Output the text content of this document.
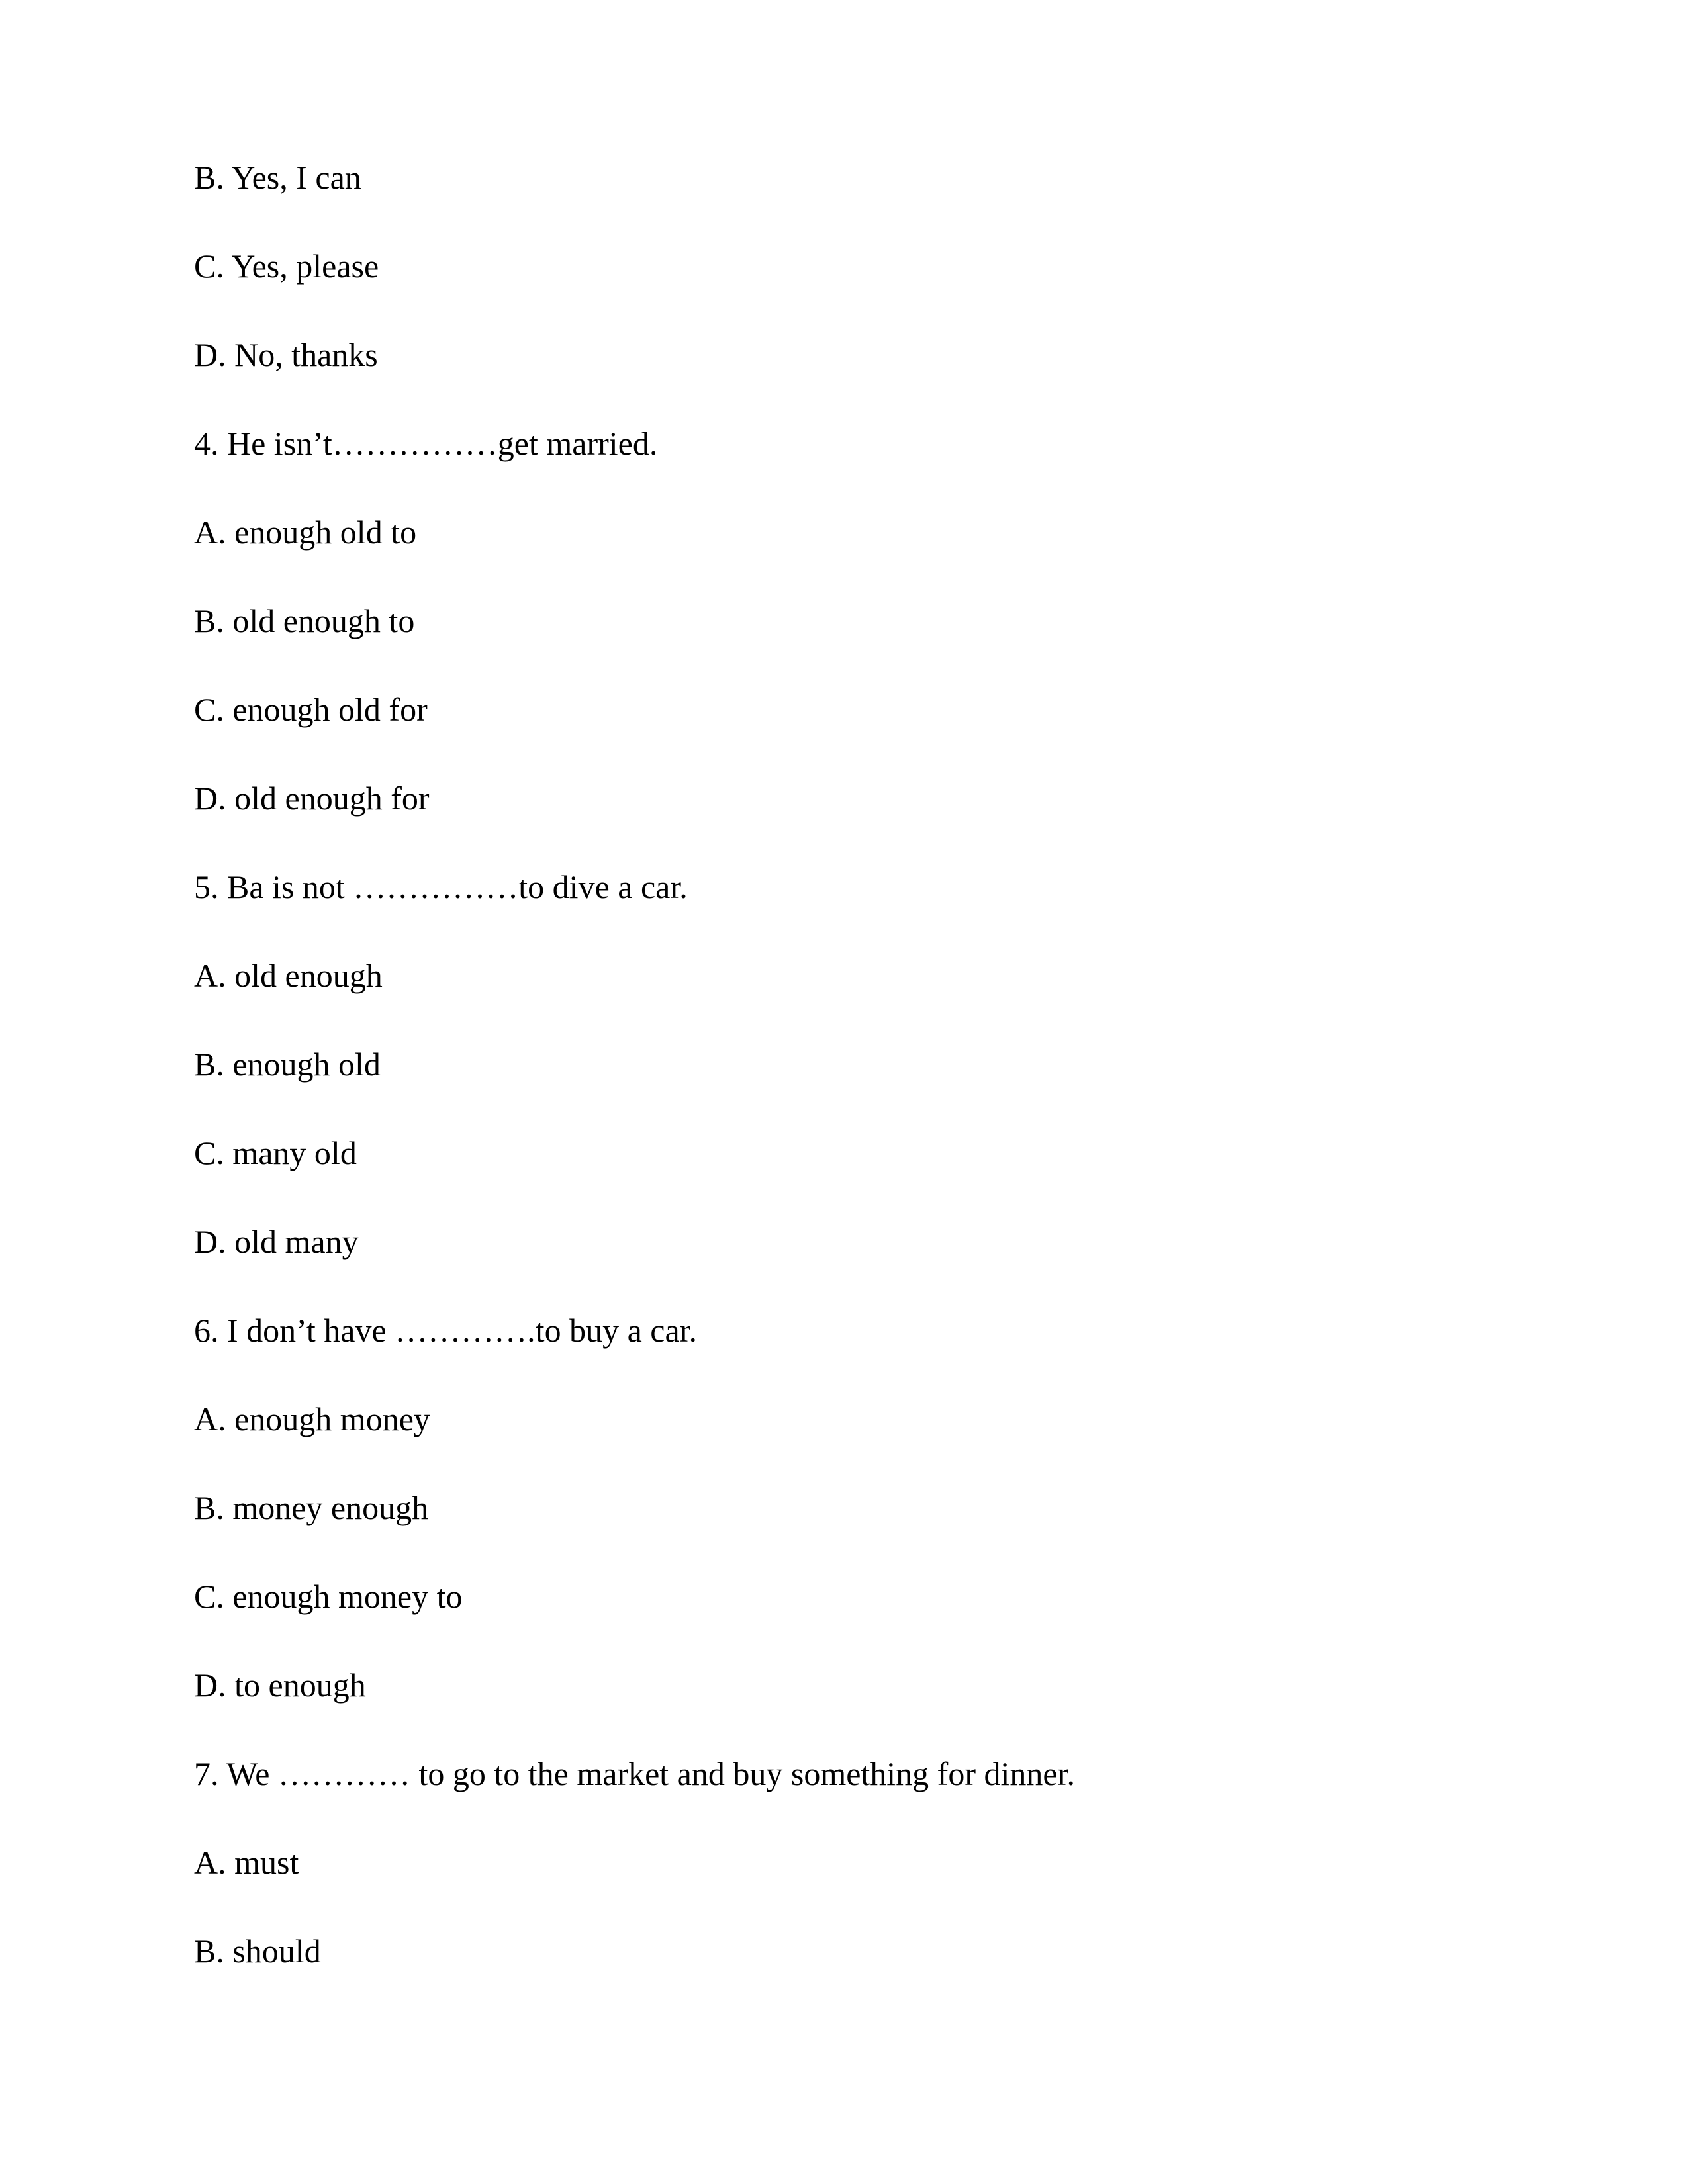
B. Yes, I can
C. Yes, please
D. No, thanks
4. He isn’t……………get married.
A. enough old to
B. old enough to
C. enough old for
D. old enough for
5. Ba is not ……………to dive a car.
A. old enough
B. enough old
C. many old
D. old many
6. I don’t have ………….to buy a car.
A. enough money
B. money enough
C. enough money to
D. to enough
7. We ………… to go to the market and buy something for dinner.
A. must
B. should
